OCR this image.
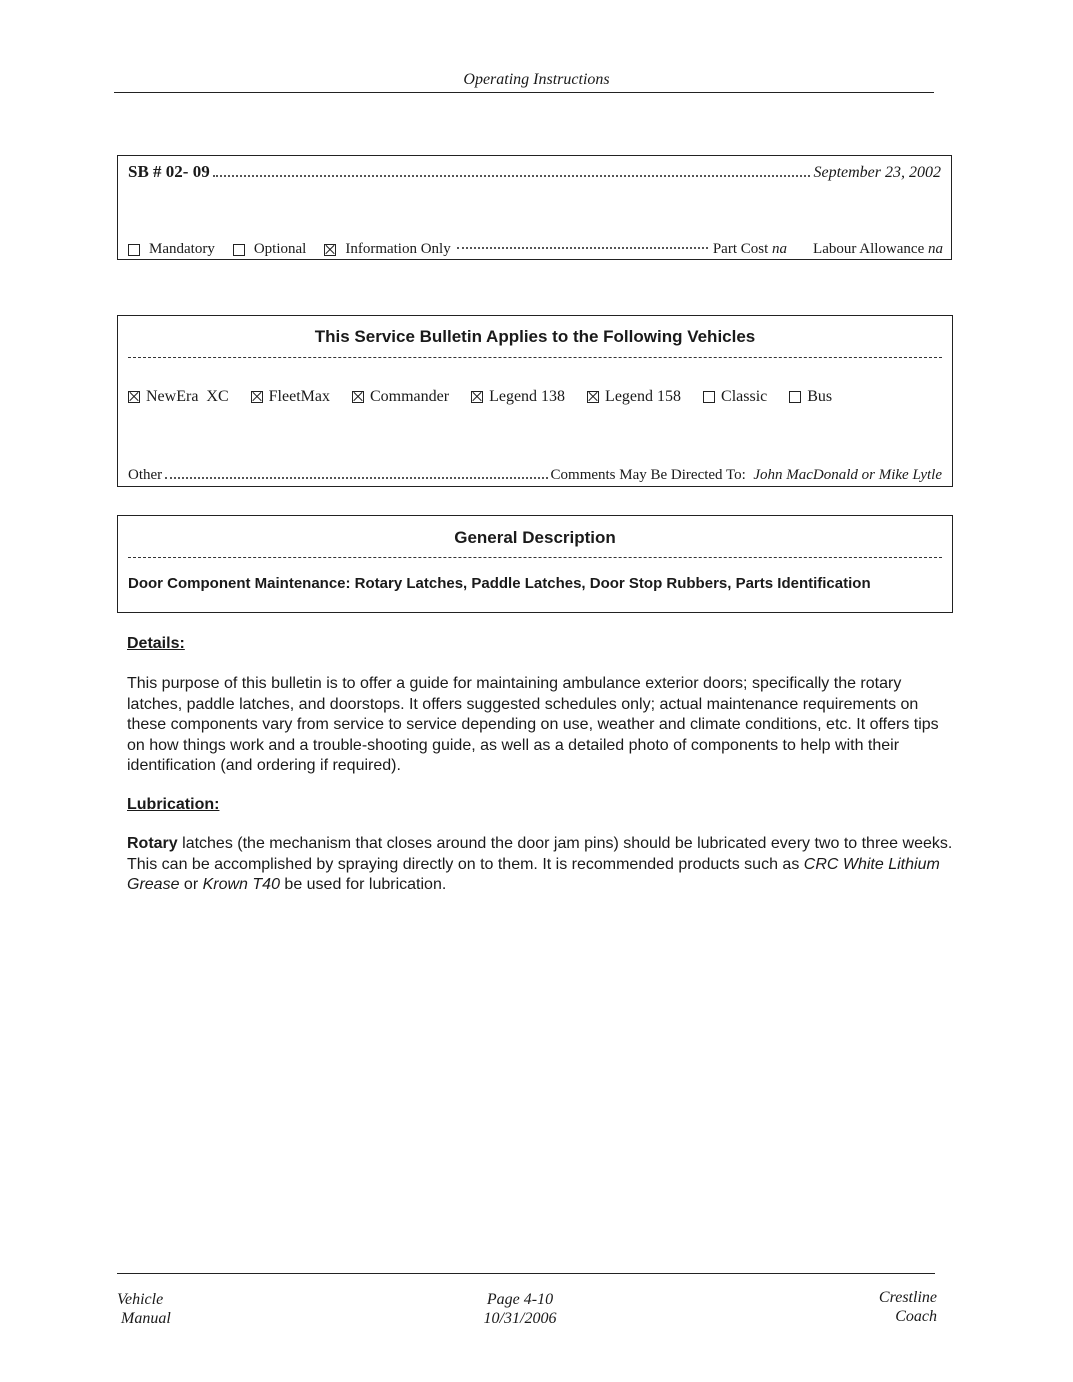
Operating Instructions
SB # 02- 09	September 23, 2002
Mandatory	Optional	Information Only	Part Cost na Labour Allowance na
This Service Bulletin Applies to the Following Vehicles
NewEra  XC	FleetMax	Commander	Legend 138	Legend 158	Classic	Bus
Other	Comments May Be Directed To:
John MacDonald or Mike Lytle
General Description
Door Component Maintenance: Rotary Latches, Paddle Latches, Door Stop Rubbers, Parts Identification
Details:

This purpose of this bulletin is to offer a guide for maintaining ambulance exterior doors; specifically the rotary latches, paddle latches, and doorstops. It offers suggested schedules only; actual maintenance requirements on these components vary from service to service depending on use, weather and climate conditions, etc. It offers tips on how things work and a trouble-shooting guide, as well as a detailed photo of components to help with their identification (and ordering if required).

Lubrication:

Rotary latches (the mechanism that closes around the door jam pins) should be lubricated every two to three weeks. This can be accomplished by spraying directly on to them. It is recommended products such as CRC White Lithium Grease or Krown T40 be used for lubrication.

Vehicle
Manual
Page 4-10
10/31/2006
Crestline
Coach
